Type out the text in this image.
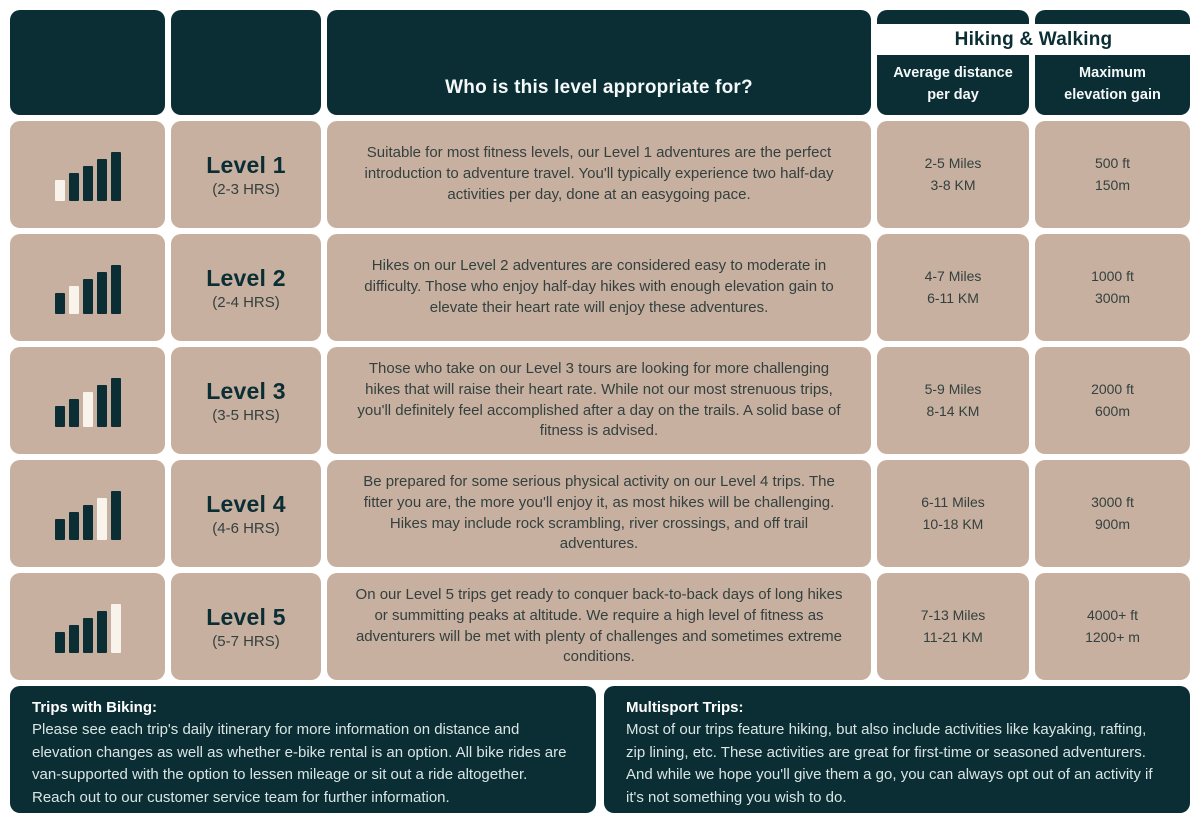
Who is this level appropriate for?
Average distance
per day
Maximum
elevation gain
Hiking & Walking
Level 1
(2-3 HRS)

Suitable for most fitness levels, our Level 1 adventures are the perfect introduction to adventure travel. You'll typically experience two half-day activities per day, done at an easygoing pace.

2-5 Miles
3-8 KM
500 ft
150m
Level 2
(2-4 HRS)

Hikes on our Level 2 adventures are considered easy to moderate in difficulty. Those who enjoy half-day hikes with enough elevation gain to elevate their heart rate will enjoy these adventures.

4-7 Miles
6-11 KM
1000 ft
300m
Level 3
(3-5 HRS)

Those who take on our Level 3 tours are looking for more challenging hikes that will raise their heart rate. While not our most strenuous trips, you'll definitely feel accomplished after a day on the trails. A solid base of fitness is advised.

5-9 Miles
8-14 KM
2000 ft
600m
Level 4
(4-6 HRS)

Be prepared for some serious physical activity on our Level 4 trips. The fitter you are, the more you'll enjoy it, as most hikes will be challenging. Hikes may include rock scrambling, river crossings, and off trail adventures.

6-11 Miles
10-18 KM
3000 ft
900m
Level 5
(5-7 HRS)

On our Level 5 trips get ready to conquer back-to-back days of long hikes or summitting peaks at altitude. We require a high level of fitness as adventurers will be met with plenty of challenges and sometimes extreme conditions.

7-13 Miles
11-21 KM
4000+ ft
1200+ m
Trips with Biking:
Please see each trip's daily itinerary for more information on distance and elevation changes as well as whether e-bike rental is an option. All bike rides are van-supported with the option to lessen mileage or sit out a ride altogether. Reach out to our customer service team for further information.
Multisport Trips:
Most of our trips feature hiking, but also include activities like kayaking, rafting, zip lining, etc. These activities are great for first-time or seasoned adventurers. And while we hope you'll give them a go, you can always opt out of an activity if it's not something you wish to do.
